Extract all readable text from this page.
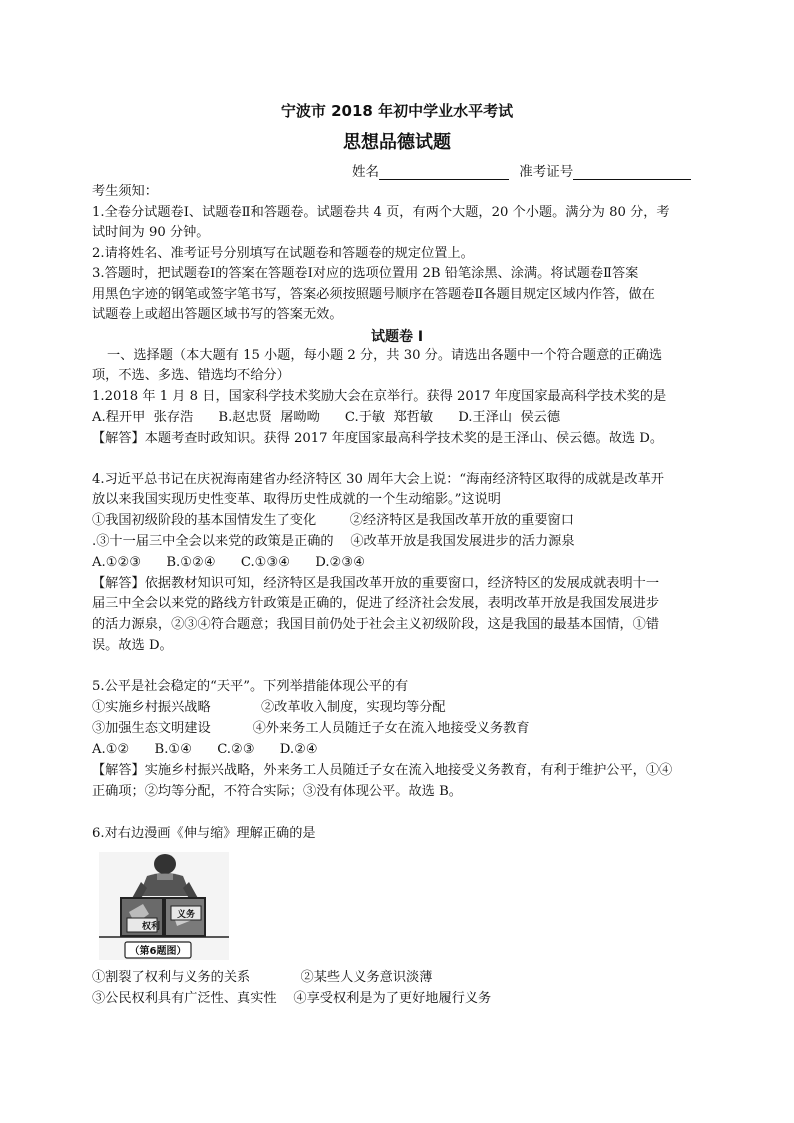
宁波市 2018 年初中学业水平考试
思想品德试题
姓名	准考证号
考生须知：
1.全卷分试题卷Ⅰ、试题卷Ⅱ和答题卷。试题卷共 4 页，有两个大题，20 个小题。满分为 80 分，考
试时间为 90 分钟。
2.请将姓名、准考证号分别填写在试题卷和答题卷的规定位置上。
3.答题时，把试题卷Ⅰ的答案在答题卷Ⅰ对应的选项位置用 2B 铅笔涂黑、涂满。将试题卷Ⅱ答案
用黑色字迹的钢笔或签字笔书写，答案必须按照题号顺序在答题卷Ⅱ各题目规定区域内作答，做在
试题卷上或超出答题区域书写的答案无效。
试题卷 Ⅰ
一、选择题（本大题有 15 小题，每小题 2 分，共 30 分。请选出各题中一个符合题意的正确选
项，不选、多选、错选均不给分）
1.2018 年 1 月 8 日，国家科学技术奖励大会在京举行。获得 2017 年度国家最高科学技术奖的是
A.程开甲  张存浩      B.赵忠贤  屠呦呦      C.于敏  郑哲敏      D.王泽山  侯云德
【解答】本题考查时政知识。获得 2017 年度国家最高科学技术奖的是王泽山、侯云德。故选 D。
4.习近平总书记在庆祝海南建省办经济特区 30 周年大会上说：“海南经济特区取得的成就是改革开
放以来我国实现历史性变革、取得历史性成就的一个生动缩影。”这说明
①我国初级阶段的基本国情发生了变化        ②经济特区是我国改革开放的重要窗口
.③十一届三中全会以来党的政策是正确的    ④改革开放是我国发展进步的活力源泉
A.①②③      B.①②④      C.①③④      D.②③④
【解答】依据教材知识可知，经济特区是我国改革开放的重要窗口，经济特区的发展成就表明十一
届三中全会以来党的路线方针政策是正确的，促进了经济社会发展，表明改革开放是我国发展进步
的活力源泉，②③④符合题意；我国目前仍处于社会主义初级阶段，这是我国的最基本国情，①错
误。故选 D。
5.公平是社会稳定的“天平”。下列举措能体现公平的有
①实施乡村振兴战略            ②改革收入制度，实现均等分配
③加强生态文明建设          ④外来务工人员随迁子女在流入地接受义务教育
A.①②      B.①④      C.②③      D.②④
【解答】实施乡村振兴战略，外来务工人员随迁子女在流入地接受义务教育，有利于维护公平，①④
正确项；②均等分配，不符合实际；③没有体现公平。故选 B。
6.对右边漫画《伸与缩》理解正确的是
权利
义务
（第6题图）
①割裂了权利与义务的关系            ②某些人义务意识淡薄
③公民权利具有广泛性、真实性    ④享受权利是为了更好地履行义务
